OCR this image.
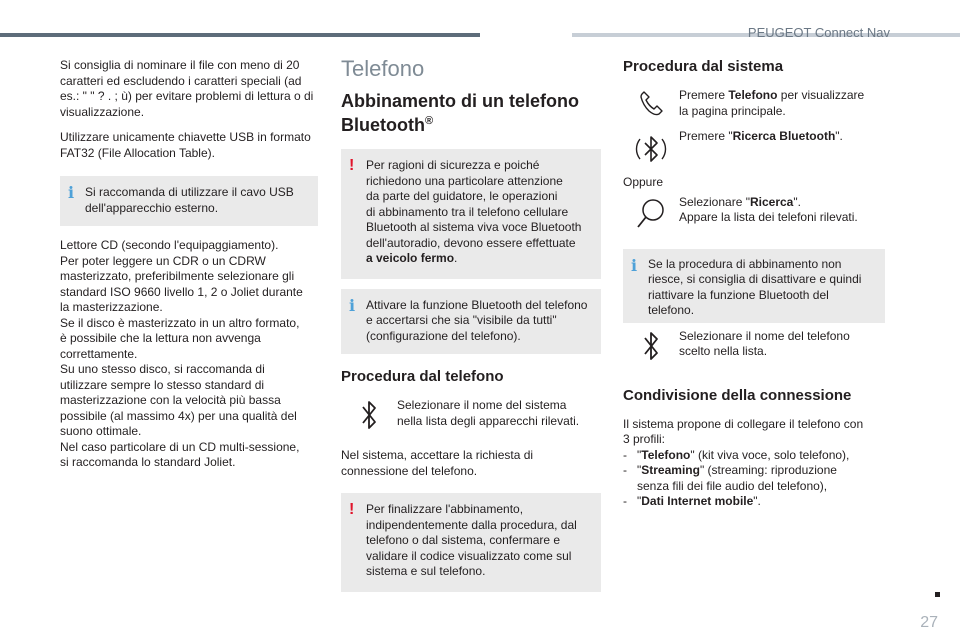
PEUGEOT Connect Nav

Si consiglia di nominare il file con meno di 20
caratteri ed escludendo i caratteri speciali (ad
es.: " " ? . ; ù) per evitare problemi di lettura o di
visualizzazione.

Utilizzare unicamente chiavette USB in formato
FAT32 (File Allocation Table).

i Si raccomanda di utilizzare il cavo USB
dell'apparecchio esterno.

Lettore CD (secondo l'equipaggiamento).
Per poter leggere un CDR o un CDRW
masterizzato, preferibilmente selezionare gli
standard ISO 9660 livello 1, 2 o Joliet durante
la masterizzazione.
Se il disco è masterizzato in un altro formato,
è possibile che la lettura non avvenga
correttamente.
Su uno stesso disco, si raccomanda di
utilizzare sempre lo stesso standard di
masterizzazione con la velocità più bassa
possibile (al massimo 4x) per una qualità del
suono ottimale.
Nel caso particolare di un CD multi-sessione,
si raccomanda lo standard Joliet.

Telefono
Abbinamento di un telefono Bluetooth®
! Per ragioni di sicurezza e poiché
richiedono una particolare attenzione
da parte del guidatore, le operazioni
di abbinamento tra il telefono cellulare
Bluetooth al sistema viva voce Bluetooth
dell'autoradio, devono essere effettuate
a veicolo fermo.

i Attivare la funzione Bluetooth del telefono
e accertarsi che sia "visibile da tutti"
(configurazione del telefono).

Procedura dal telefono

Selezionare il nome del sistema
nella lista degli apparecchi rilevati.

Nel sistema, accettare la richiesta di
connessione del telefono.

! Per finalizzare l'abbinamento,
indipendentemente dalla procedura, dal
telefono o dal sistema, confermare e
validare il codice visualizzato come sul
sistema e sul telefono.

Procedura dal sistema

Premere Telefono per visualizzare
la pagina principale.

Premere "Ricerca Bluetooth".

Oppure

Selezionare "Ricerca".
Appare la lista dei telefoni rilevati.

i Se la procedura di abbinamento non
riesce, si consiglia di disattivare e quindi
riattivare la funzione Bluetooth del
telefono.

Selezionare il nome del telefono
scelto nella lista.

Condivisione della connessione

Il sistema propone di collegare il telefono con
3 profili:

- "Telefono" (kit viva voce, solo telefono),
- "Streaming" (streaming: riproduzione
senza fili dei file audio del telefono),
- "Dati Internet mobile".
27
